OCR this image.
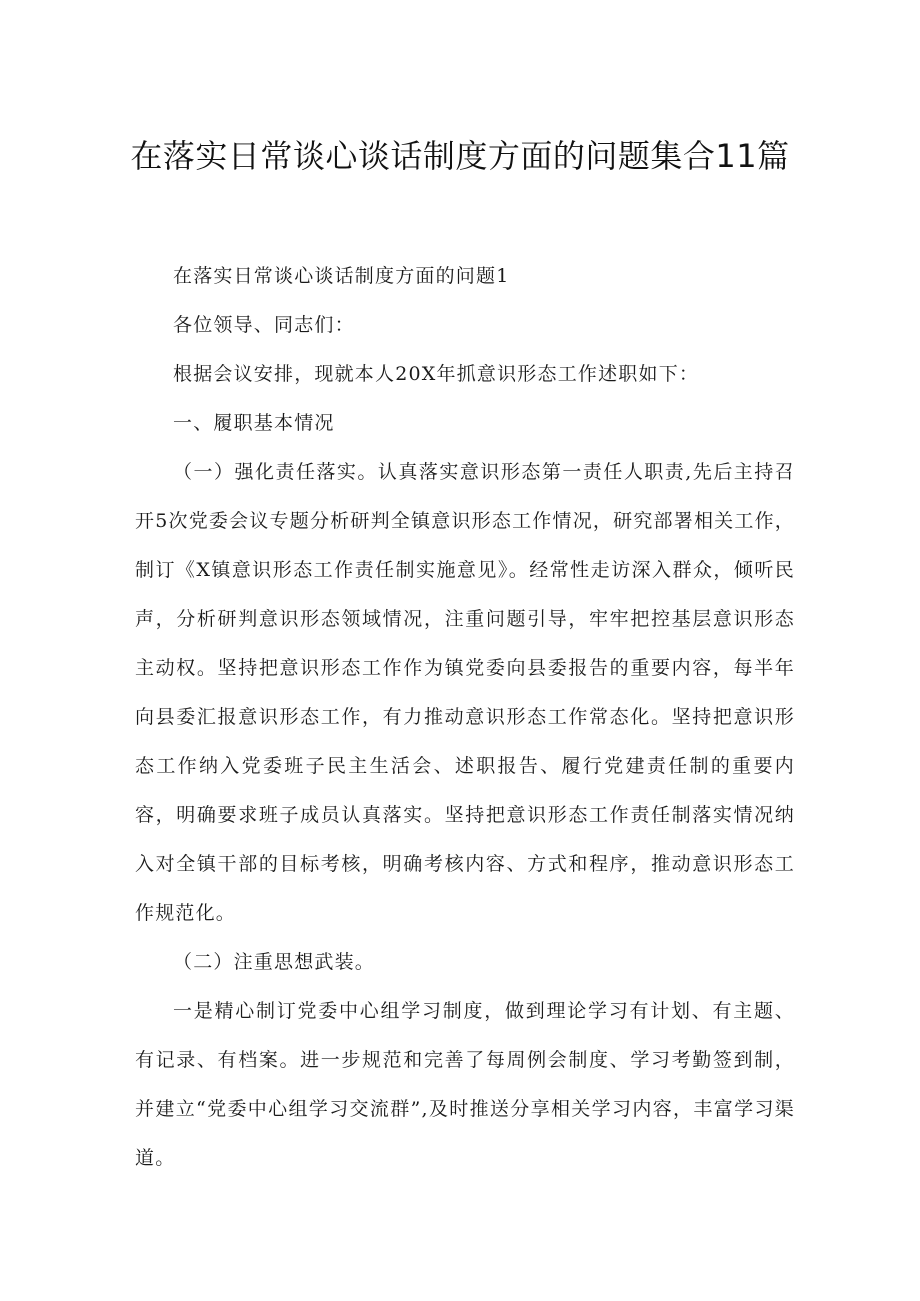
在落实日常谈心谈话制度方面的问题集合11篇

在落实日常谈心谈话制度方面的问题1

各位领导、同志们：

根据会议安排，现就本人20X年抓意识形态工作述职如下：

一、履职基本情况

（一）强化责任落实。认真落实意识形态第一责任人职责,先后主持召开5次党委会议专题分析研判全镇意识形态工作情况，研究部署相关工作，制订《X镇意识形态工作责任制实施意见》。经常性走访深入群众，倾听民声，分析研判意识形态领域情况，注重问题引导，牢牢把控基层意识形态主动权。坚持把意识形态工作作为镇党委向县委报告的重要内容，每半年向县委汇报意识形态工作，有力推动意识形态工作常态化。坚持把意识形态工作纳入党委班子民主生活会、述职报告、履行党建责任制的重要内容，明确要求班子成员认真落实。坚持把意识形态工作责任制落实情况纳入对全镇干部的目标考核，明确考核内容、方式和程序，推动意识形态工作规范化。

（二）注重思想武装。

一是精心制订党委中心组学习制度，做到理论学习有计划、有主题、有记录、有档案。进一步规范和完善了每周例会制度、学习考勤签到制，并建立“党委中心组学习交流群”,及时推送分享相关学习内容，丰富学习渠道。
